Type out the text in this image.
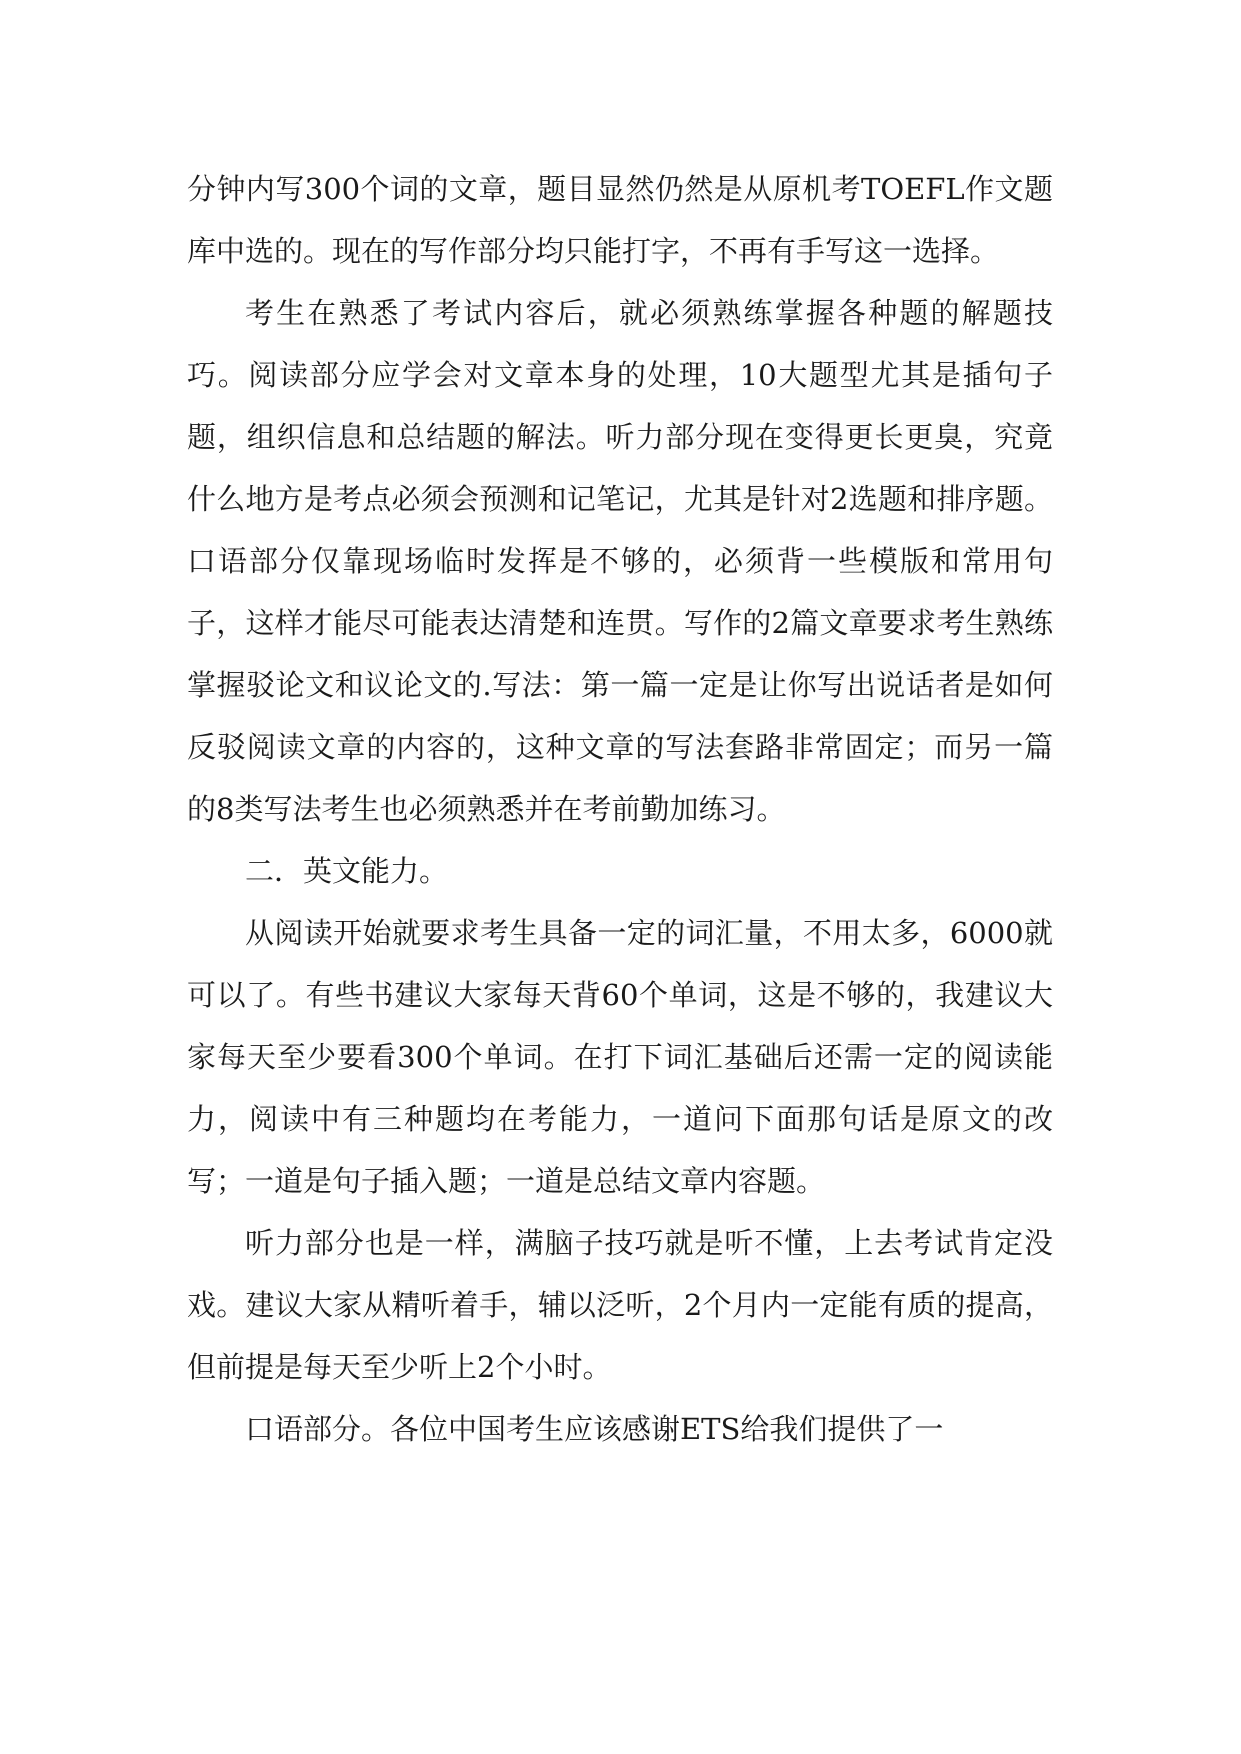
分钟内写300个词的文章，题目显然仍然是从原机考TOEFL作文题库中选的。现在的写作部分均只能打字，不再有手写这一选择。

考生在熟悉了考试内容后，就必须熟练掌握各种题的解题技巧。阅读部分应学会对文章本身的处理，10大题型尤其是插句子题，组织信息和总结题的解法。听力部分现在变得更长更臭，究竟什么地方是考点必须会预测和记笔记，尤其是针对2选题和排序题。口语部分仅靠现场临时发挥是不够的，必须背一些模版和常用句子，这样才能尽可能表达清楚和连贯。写作的2篇文章要求考生熟练掌握驳论文和议论文的.写法：第一篇一定是让你写出说话者是如何反驳阅读文章的内容的，这种文章的写法套路非常固定；而另一篇的8类写法考生也必须熟悉并在考前勤加练习。

二．英文能力。

从阅读开始就要求考生具备一定的词汇量，不用太多，6000就可以了。有些书建议大家每天背60个单词，这是不够的，我建议大家每天至少要看300个单词。在打下词汇基础后还需一定的阅读能力，阅读中有三种题均在考能力，一道问下面那句话是原文的改写；一道是句子插入题；一道是总结文章内容题。

听力部分也是一样，满脑子技巧就是听不懂，上去考试肯定没戏。建议大家从精听着手，辅以泛听，2个月内一定能有质的提高，但前提是每天至少听上2个小时。

口语部分。各位中国考生应该感谢ETS给我们提供了一
